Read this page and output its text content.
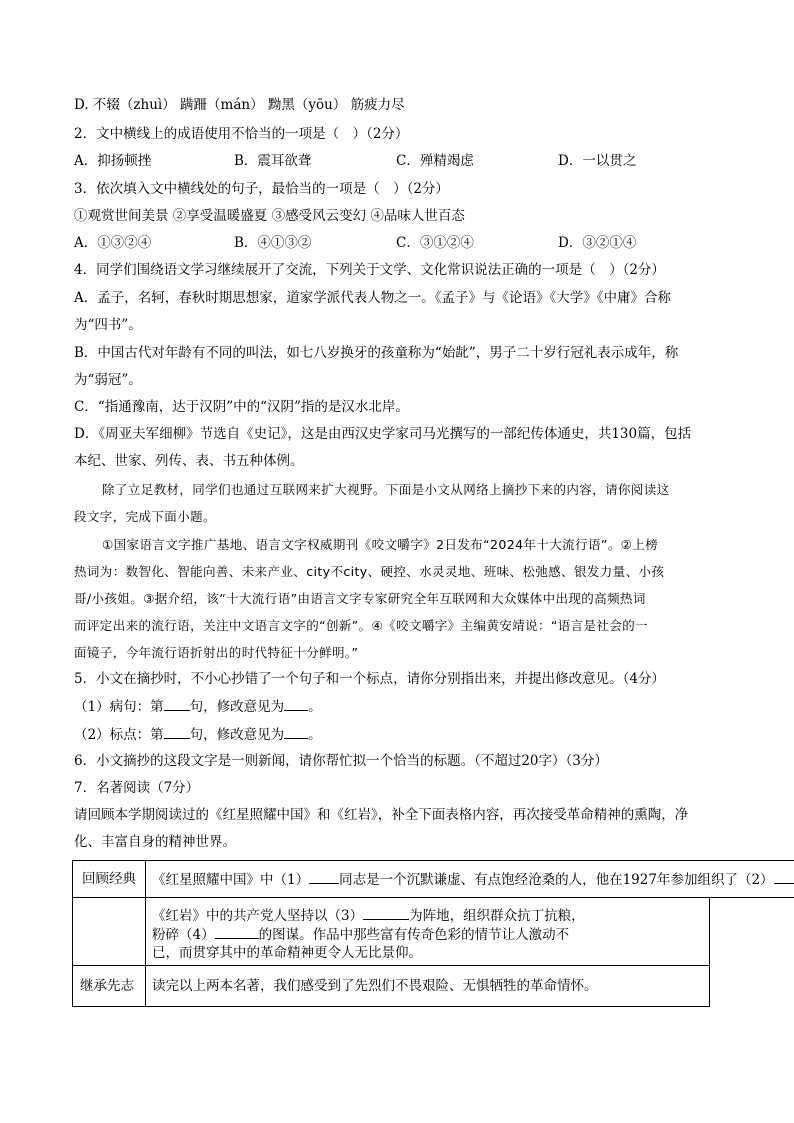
D. 不辍（zhuì） 蹒跚（mán） 黝黑（yōu） 筋疲力尽
2．文中横线上的成语使用不恰当的一项是（　）（2分）
A．抑扬顿挫	B．震耳欲聋	C．殚精竭虑	D．一以贯之
3．依次填入文中横线处的句子，最恰当的一项是（　）（2分）
①观赏世间美景 ②享受温暖盛夏 ③感受风云变幻 ④品味人世百态
A．①③②④	B．④①③②	C．③①②④	D．③②①④
4．同学们围绕语文学习继续展开了交流，下列关于文学、文化常识说法正确的一项是（　）（2分）
A．孟子，名轲，春秋时期思想家，道家学派代表人物之一。《孟子》与《论语》《大学》《中庸》合称
为“四书”。
B．中国古代对年龄有不同的叫法，如七八岁换牙的孩童称为“始龀”，男子二十岁行冠礼表示成年，称
为“弱冠”。
C．“指通豫南，达于汉阴”中的“汉阴”指的是汉水北岸。
D．《周亚夫军细柳》节选自《史记》，这是由西汉史学家司马光撰写的一部纪传体通史，共130篇，包括
本纪、世家、列传、表、书五种体例。
除了立足教材，同学们也通过互联网来扩大视野。下面是小文从网络上摘抄下来的内容，请你阅读这
段文字，完成下面小题。
①国家语言文字推广基地、语言文字权威期刊《咬文嚼字》2日发布“2024年十大流行语”。②上榜
热词为：数智化、智能向善、未来产业、city不city、硬控、水灵灵地、班味、松弛感、银发力量、小孩
哥/小孩姐。③据介绍，该“十大流行语”由语言文字专家研究全年互联网和大众媒体中出现的高频热词
而评定出来的流行语，关注中文语言文字的“创新”。④《咬文嚼字》主编黄安靖说：“语言是社会的一
面镜子，今年流行语折射出的时代特征十分鲜明。”
5．小文在摘抄时，不小心抄错了一个句子和一个标点，请你分别指出来，并提出修改意见。（4分）
（1）病句：第 句，修改意见为 。
（2）标点：第 句，修改意见为 。
6．小文摘抄的这段文字是一则新闻，请你帮忙拟一个恰当的标题。（不超过20字）（3分）
7．名著阅读（7分）
请回顾本学期阅读过的《红星照耀中国》和《红岩》，补全下面表格内容，再次接受革命精神的熏陶，净
化、丰富自身的精神世界。
回顾经典 《红星照耀中国》中（1） 同志是一个沉默谦虚、有点饱经沧桑的人，他在1927年参加组织了（2）
《红岩》中的共产党人坚持以（3）	为阵地，组织群众抗丁抗粮，
粉碎（4）	的图谋。作品中那些富有传奇色彩的情节让人激动不
已，而贯穿其中的革命精神更令人无比景仰。
继承先志 读完以上两本名著，我们感受到了先烈们不畏艰险、无惧牺牲的革命情怀。
